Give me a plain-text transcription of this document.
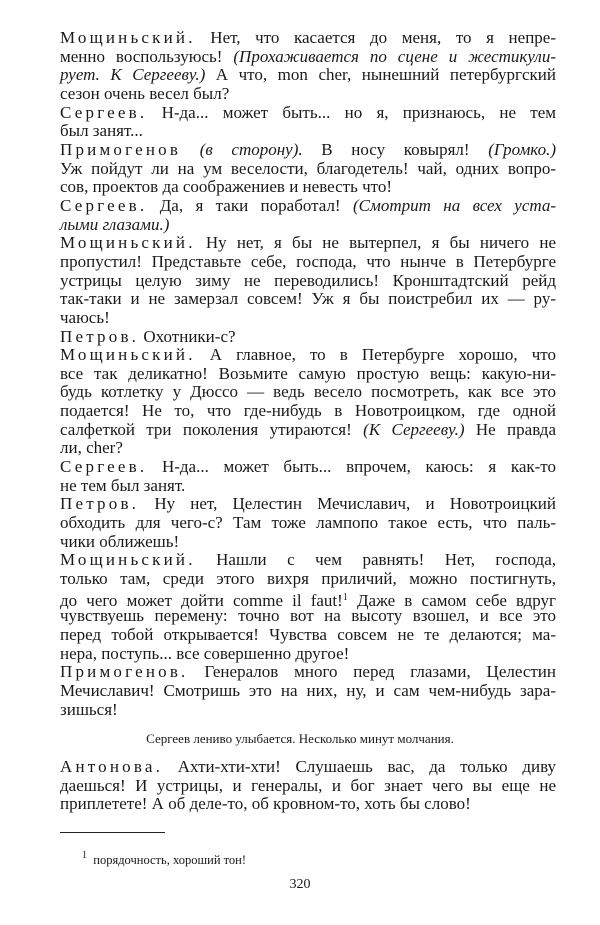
Мощиньский. Нет, что касается до меня, то я непре-
менно воспользуюсь! (Прохаживается по сцене и жестикули-
рует. К Сергееву.) А что, mon cher, нынешний петербургский
сезон очень весел был?
Сергеев. Н-да... может быть... но я, признаюсь, не тем
был занят...
Примогенов (в сторону). В носу ковырял! (Громко.)
Уж пойдут ли на ум веселости, благодетель! чай, одних вопро-
сов, проектов да соображениев и невесть что!
Сергеев. Да, я таки поработал! (Смотрит на всех уста-
лыми глазами.)
Мощиньский. Ну нет, я бы не вытерпел, я бы ничего не
пропустил! Представьте себе, господа, что нынче в Петербурге
устрицы целую зиму не переводились! Кронштадтский рейд
так-таки и не замерзал совсем! Уж я бы поистребил их — ру-
чаюсь!
Петров. Охотники-с?
Мощиньский. А главное, то в Петербурге хорошо, что
все так деликатно! Возьмите самую простую вещь: какую-ни-
будь котлетку у Дюссо — ведь весело посмотреть, как все это
подается! Не то, что где-нибудь в Новотроицком, где одной
салфеткой три поколения утираются! (К Сергееву.) Не правда
ли, cher?
Сергеев. Н-да... может быть... впрочем, каюсь: я как-то
не тем был занят.
Петров. Ну нет, Целестин Мечиславич, и Новотроицкий
обходить для чего-с? Там тоже лампопо такое есть, что паль-
чики оближешь!
Мощиньский. Нашли с чем равнять! Нет, господа,
только там, среди этого вихря приличий, можно постигнуть,
до чего может дойти comme il faut!$^1$ Даже в самом себе вдруг
чувствуешь перемену: точно вот на высоту взошел, и все это
перед тобой открывается! Чувства совсем не те делаются; ма-
нера, поступь... все совершенно другое!
Примогенов. Генералов много перед глазами, Целестин
Мечиславич! Смотришь это на них, ну, и сам чем-нибудь зара-
зишься!
Сергеев лениво улыбается. Несколько минут молчания.
Антонова. Ахти-хти-хти! Слушаешь вас, да только диву
даешься! И устрицы, и генералы, и бог знает чего вы еще не
приплетете! А об деле-то, об кровном-то, хоть бы слово!
$^1$ порядочность, хороший тон!
320
